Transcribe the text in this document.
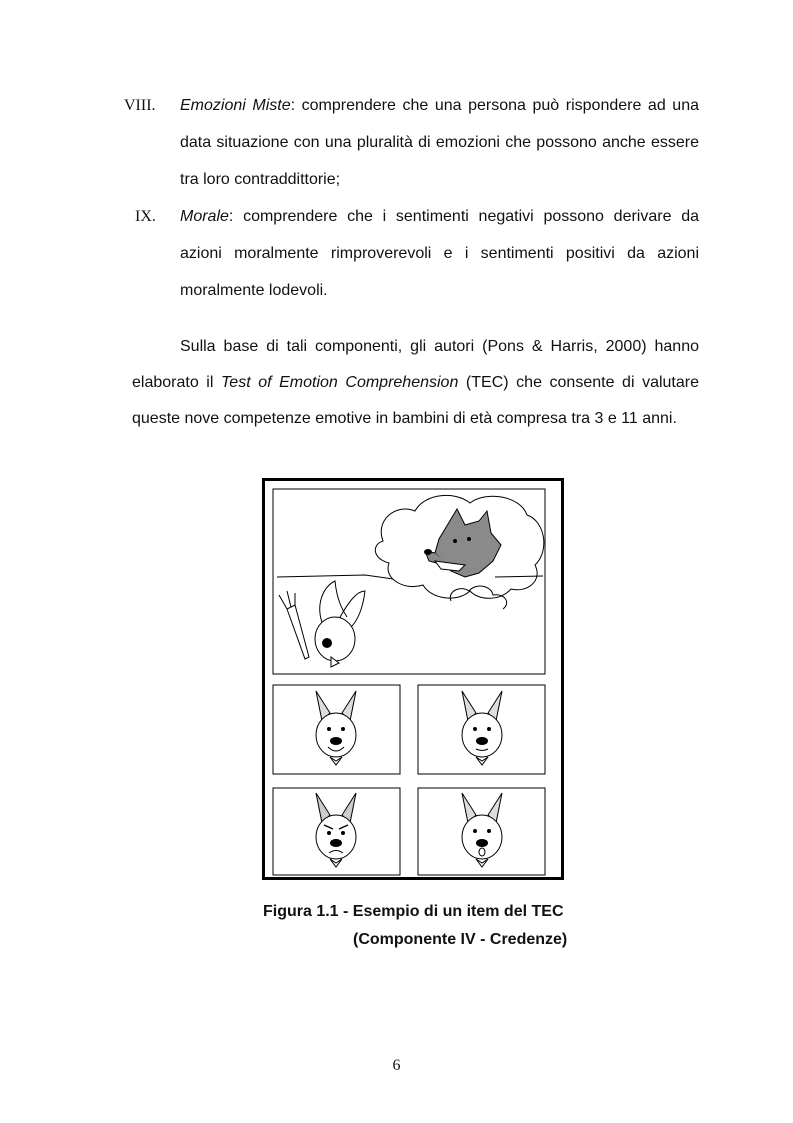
VIII. Emozioni Miste: comprendere che una persona può rispondere ad una
data situazione con una pluralità di emozioni che possono anche essere
tra loro contraddittorie;
IX. Morale: comprendere che i sentimenti negativi possono derivare da
azioni moralmente rimproverevoli e i sentimenti positivi da azioni
moralmente lodevoli.
Sulla base di tali componenti, gli autori (Pons & Harris, 2000) hanno
elaborato il Test of Emotion Comprehension (TEC) che consente di valutare
queste nove competenze emotive in bambini di età compresa tra 3 e 11 anni.
Figura 1.1 - Esempio di un item del TEC
(Componente IV - Credenze)
6
